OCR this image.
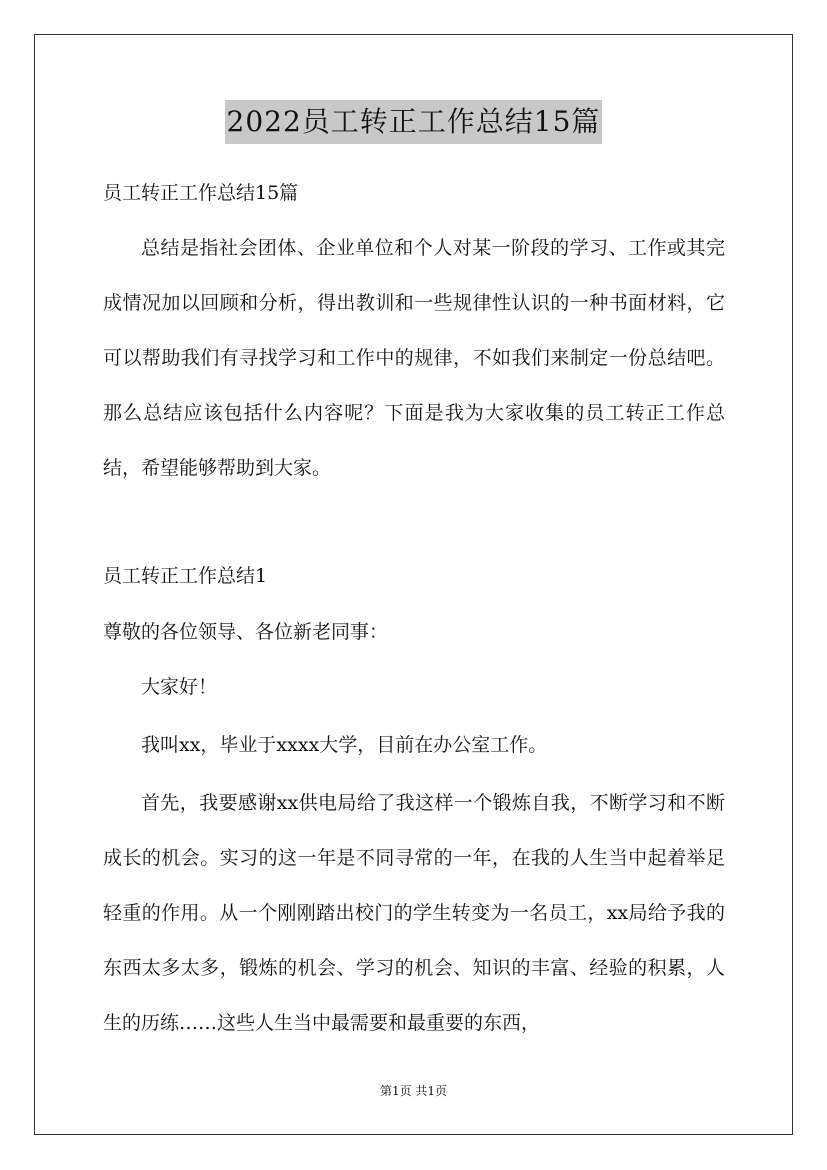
2022员工转正工作总结15篇

员工转正工作总结15篇

总结是指社会团体、企业单位和个人对某一阶段的学习、工作或其完成情况加以回顾和分析，得出教训和一些规律性认识的一种书面材料，它可以帮助我们有寻找学习和工作中的规律，不如我们来制定一份总结吧。那么总结应该包括什么内容呢？下面是我为大家收集的员工转正工作总结，希望能够帮助到大家。

员工转正工作总结1

尊敬的各位领导、各位新老同事：

大家好！

我叫xx，毕业于xxxx大学，目前在办公室工作。

首先，我要感谢xx供电局给了我这样一个锻炼自我，不断学习和不断成长的机会。实习的这一年是不同寻常的一年，在我的人生当中起着举足轻重的作用。从一个刚刚踏出校门的学生转变为一名员工，xx局给予我的东西太多太多，锻炼的机会、学习的机会、知识的丰富、经验的积累，人生的历练……这些人生当中最需要和最重要的东西，

第1页 共1页
